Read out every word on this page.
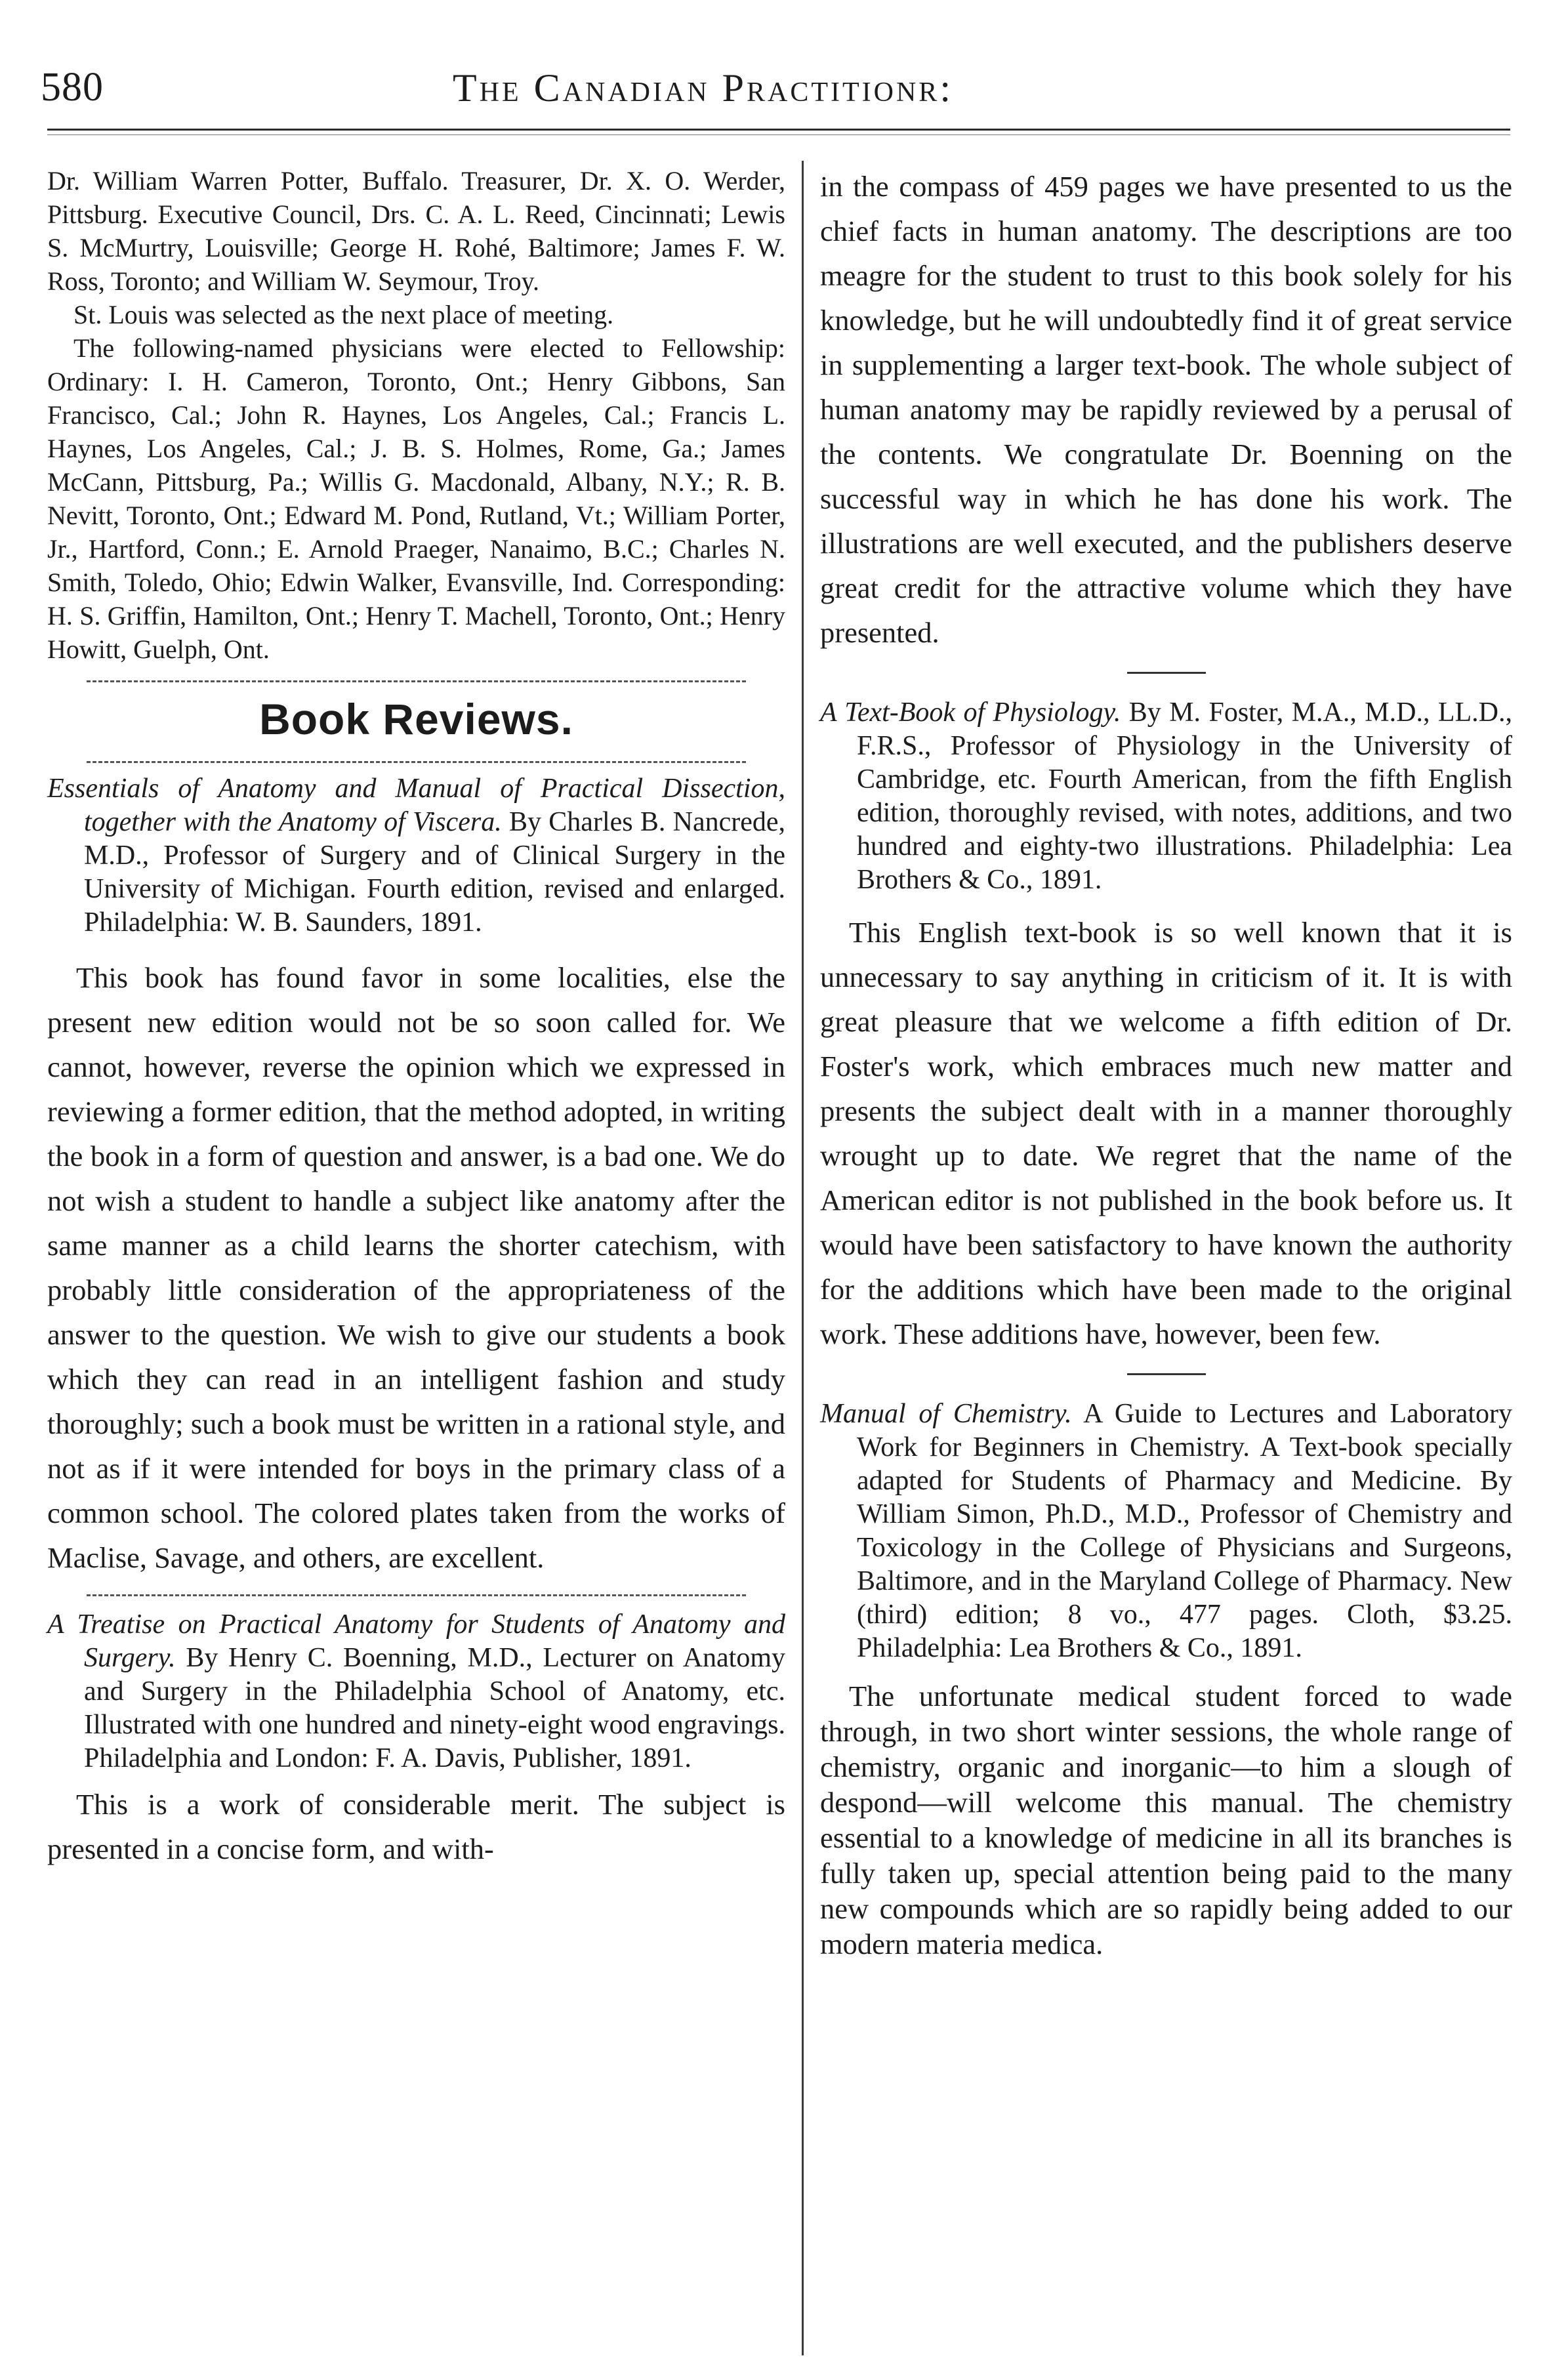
580	The Canadian Practitionr:

Dr. William Warren Potter, Buffalo. Treasurer, Dr. X. O. Werder, Pittsburg. Executive Council, Drs. C. A. L. Reed, Cincinnati; Lewis S. McMurtry, Louisville; George H. Rohé, Baltimore; James F. W. Ross, Toronto; and William W. Seymour, Troy.

St. Louis was selected as the next place of meeting.

The following-named physicians were elected to Fellowship: Ordinary: I. H. Cameron, Toronto, Ont.; Henry Gibbons, San Francisco, Cal.; John R. Haynes, Los Angeles, Cal.; Francis L. Haynes, Los Angeles, Cal.; J. B. S. Holmes, Rome, Ga.; James McCann, Pittsburg, Pa.; Willis G. Macdonald, Albany, N.Y.; R. B. Nevitt, Toronto, Ont.; Edward M. Pond, Rutland, Vt.; William Porter, Jr., Hartford, Conn.; E. Arnold Praeger, Nanaimo, B.C.; Charles N. Smith, Toledo, Ohio; Edwin Walker, Evansville, Ind. Corresponding: H. S. Griffin, Hamilton, Ont.; Henry T. Machell, Toronto, Ont.; Henry Howitt, Guelph, Ont.

Book Reviews.

Essentials of Anatomy and Manual of Practical Dissection, together with the Anatomy of Viscera. By Charles B. Nancrede, M.D., Professor of Surgery and of Clinical Surgery in the University of Michigan. Fourth edition, revised and enlarged. Philadelphia: W. B. Saunders, 1891.

This book has found favor in some localities, else the present new edition would not be so soon called for. We cannot, however, reverse the opinion which we expressed in reviewing a former edition, that the method adopted, in writing the book in a form of question and answer, is a bad one. We do not wish a student to handle a subject like anatomy after the same manner as a child learns the shorter catechism, with probably little consideration of the appropriateness of the answer to the question. We wish to give our students a book which they can read in an intelligent fashion and study thoroughly; such a book must be written in a rational style, and not as if it were intended for boys in the primary class of a common school. The colored plates taken from the works of Maclise, Savage, and others, are excellent.

A Treatise on Practical Anatomy for Students of Anatomy and Surgery. By Henry C. Boenning, M.D., Lecturer on Anatomy and Surgery in the Philadelphia School of Anatomy, etc. Illustrated with one hundred and ninety-eight wood engravings. Philadelphia and London: F. A. Davis, Publisher, 1891.

This is a work of considerable merit. The subject is presented in a concise form, and with-

in the compass of 459 pages we have presented to us the chief facts in human anatomy. The descriptions are too meagre for the student to trust to this book solely for his knowledge, but he will undoubtedly find it of great service in supplementing a larger text-book. The whole subject of human anatomy may be rapidly reviewed by a perusal of the contents. We congratulate Dr. Boenning on the successful way in which he has done his work. The illustrations are well executed, and the publishers deserve great credit for the attractive volume which they have presented.

A Text-Book of Physiology. By M. Foster, M.A., M.D., LL.D., F.R.S., Professor of Physiology in the University of Cambridge, etc. Fourth American, from the fifth English edition, thoroughly revised, with notes, additions, and two hundred and eighty-two illustrations. Philadelphia: Lea Brothers & Co., 1891.

This English text-book is so well known that it is unnecessary to say anything in criticism of it. It is with great pleasure that we welcome a fifth edition of Dr. Foster's work, which embraces much new matter and presents the subject dealt with in a manner thoroughly wrought up to date. We regret that the name of the American editor is not published in the book before us. It would have been satisfactory to have known the authority for the additions which have been made to the original work. These additions have, however, been few.

Manual of Chemistry. A Guide to Lectures and Laboratory Work for Beginners in Chemistry. A Text-book specially adapted for Students of Pharmacy and Medicine. By William Simon, Ph.D., M.D., Professor of Chemistry and Toxicology in the College of Physicians and Surgeons, Baltimore, and in the Maryland College of Pharmacy. New (third) edition; 8 vo., 477 pages. Cloth, $3.25. Philadelphia: Lea Brothers & Co., 1891.

The unfortunate medical student forced to wade through, in two short winter sessions, the whole range of chemistry, organic and inorganic—to him a slough of despond—will welcome this manual. The chemistry essential to a knowledge of medicine in all its branches is fully taken up, special attention being paid to the many new compounds which are so rapidly being added to our modern materia medica.
